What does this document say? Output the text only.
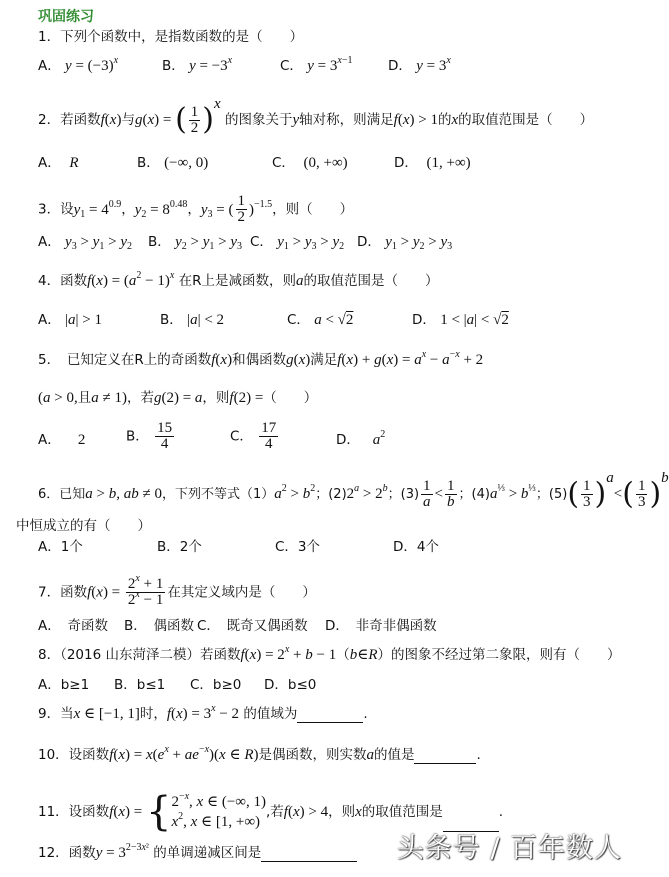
巩固练习
1．下列个函数中，是指数函数的是（　　）
A． $y = (-3)^x$	B． $y = -3^x$	C． $y = 3^{x-1}$	D． $y = 3^x$
2．若函数f(x)与g(x) = ( $\frac{1}{2} )^x$ 的图象关于y轴对称，则满足f(x) > 1的x的取值范围是（　　）
A．  R	B． (−∞, 0)	C．  (0, +∞)	D．  (1, +∞)
3．设$y_1 = 4^{0.9}$，$y_2 = 8^{0.48}$，$y_3$ = ( $\frac{1}{2} )^{-1.5}$，则（　　）
A． $y_3 > y_1 > y_2$ B． $y_2 > y_1 > y_3$ C． $y_1 > y_3 > y_2$ D． $y_1 > y_2 > y_3$
4．函数$f(x) = (a^2 - 1)^x$ 在R上是减函数，则a的取值范围是（　　）
A． |a| > 1	B． |a| < 2	C． a < √2	D． 1 < |a| < √2
5．　已知定义在R上的奇函数f(x)和偶函数g(x)满足$f(x) + g(x) = a^x - a^{-x} + 2$
(a > 0,且a ≠ 1)，若g(2) = a，则f(2) =（　　）
A．    2	B． $\frac{15}{4}$	C． $\frac{17}{4}$	D．   $a^2$
6．已知a > b, ab ≠ 0，下列不等式$(1)a^2 > b^2$；$(2)2^a > 2^b$；$(3) \frac{1}{a} < \frac{1}{b}$ ；$(4)a^{\frac{1}{3}} > b^{\frac{1}{3}}$；$(5)( \frac{1}{3} )^a<( \frac{1}{3} )^b$
中恒成立的有（　　）
A．1个	B．2个	C．3个	D．4个
7．函数$f(x) = \frac{2^x + 1}{2^x - 1}$ 在其定义域内是（　　）
A．　奇函数 B．　偶函数 C．　既奇又偶函数 D．　非奇非偶函数
8．（2016 山东菏泽二模）若函数$f(x) = 2^x + b$ − 1（b∈R）的图象不经过第二象限，则有（　　）
A．b≥1 B．b≤1 C．b≥0 D．b≤0
9．当x ∈ [−1, 1]时，$f(x) = 3^x - 2$ 的值域为	.
10．设函数$f(x) = x(e^x + ae^{-x})(x$ ∈ R)是偶函数，则实数a的值是	.
11．设函数f(x) = { $2^{-x}$, x ∈ (−∞, 1)
$x^2$, x ∈ [1, +∞)
,若f(x) > 4，则x的取值范围是	.
12．函数$y = 3^{2-3x^2}$ 的单调递减区间是	头条号 / 百年数人
